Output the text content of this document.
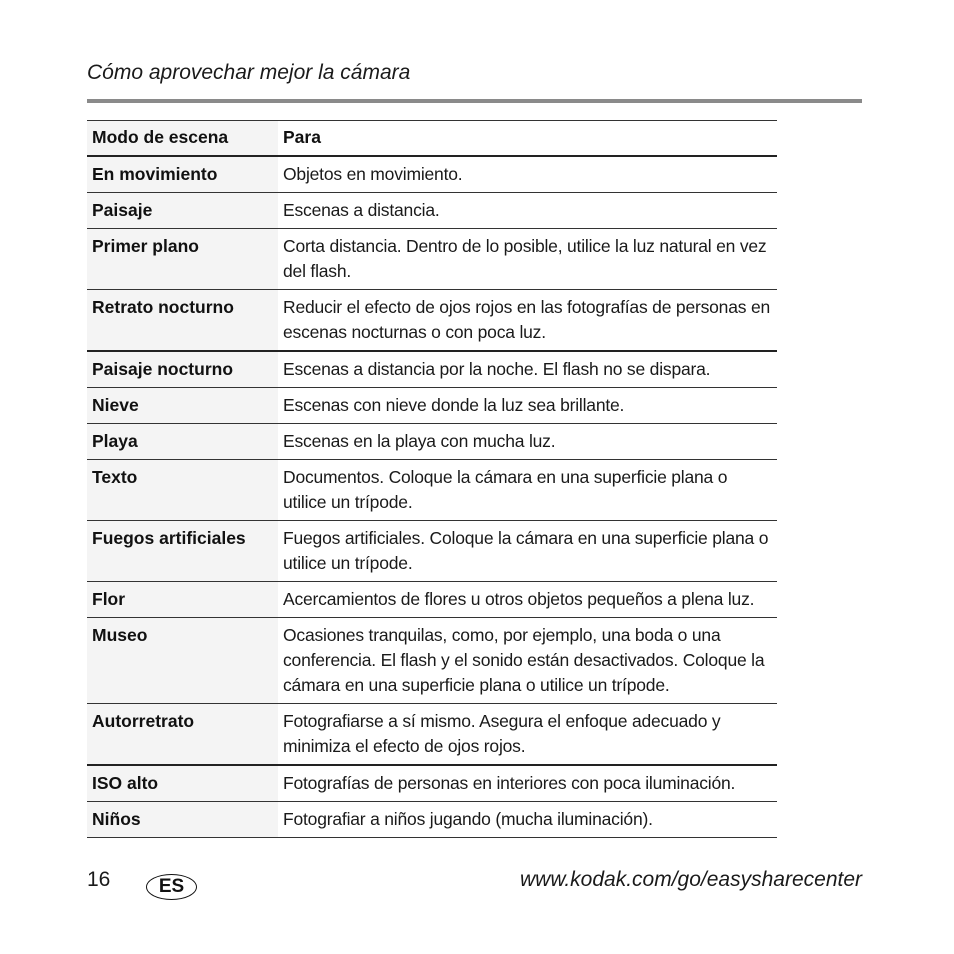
Cómo aprovechar mejor la cámara
Modo de escena	Para
En movimiento	Objetos en movimiento.
Paisaje	Escenas a distancia.
Primer plano	Corta distancia. Dentro de lo posible, utilice la luz natural en vez del flash.
Retrato nocturno	Reducir el efecto de ojos rojos en las fotografías de personas en escenas nocturnas o con poca luz.
Paisaje nocturno	Escenas a distancia por la noche. El flash no se dispara.
Nieve	Escenas con nieve donde la luz sea brillante.
Playa	Escenas en la playa con mucha luz.
Texto	Documentos. Coloque la cámara en una superficie plana o utilice un trípode.
Fuegos artificiales	Fuegos artificiales. Coloque la cámara en una superficie plana o utilice un trípode.
Flor	Acercamientos de flores u otros objetos pequeños a plena luz.
Museo	Ocasiones tranquilas, como, por ejemplo, una boda o una conferencia. El flash y el sonido están desactivados. Coloque la cámara en una superficie plana o utilice un trípode.
Autorretrato	Fotografiarse a sí mismo. Asegura el enfoque adecuado y minimiza el efecto de ojos rojos.
ISO alto	Fotografías de personas en interiores con poca iluminación.
Niños	Fotografiar a niños jugando (mucha iluminación).
16	ES	www.kodak.com/go/easysharecenter
